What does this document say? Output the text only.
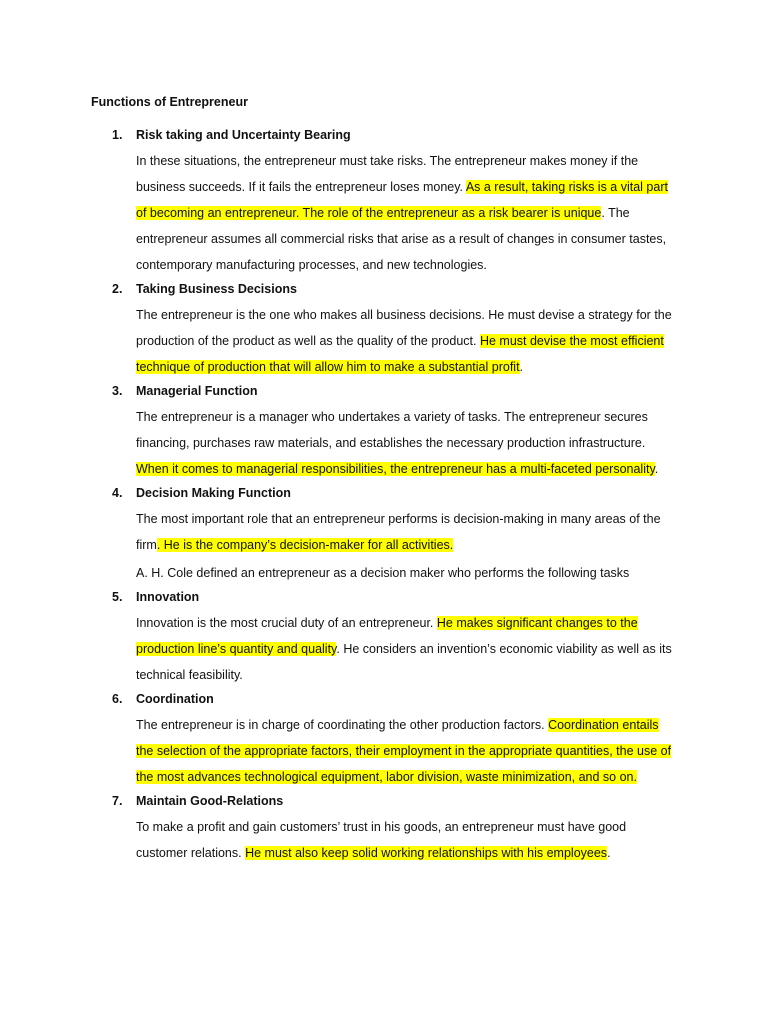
Functions of Entrepreneur
1. Risk taking and Uncertainty Bearing

In these situations, the entrepreneur must take risks. The entrepreneur makes money if the business succeeds. If it fails the entrepreneur loses money. As a result, taking risks is a vital part of becoming an entrepreneur. The role of the entrepreneur as a risk bearer is unique. The entrepreneur assumes all commercial risks that arise as a result of changes in consumer tastes, contemporary manufacturing processes, and new technologies.

2. Taking Business Decisions

The entrepreneur is the one who makes all business decisions. He must devise a strategy for the production of the product as well as the quality of the product. He must devise the most efficient technique of production that will allow him to make a substantial profit.

3. Managerial Function

The entrepreneur is a manager who undertakes a variety of tasks. The entrepreneur secures financing, purchases raw materials, and establishes the necessary production infrastructure. When it comes to managerial responsibilities, the entrepreneur has a multi-faceted personality.

4. Decision Making Function

The most important role that an entrepreneur performs is decision-making in many areas of the firm. He is the company’s decision-maker for all activities.

A. H. Cole defined an entrepreneur as a decision maker who performs the following tasks

5. Innovation

Innovation is the most crucial duty of an entrepreneur. He makes significant changes to the production line’s quantity and quality. He considers an invention’s economic viability as well as its technical feasibility.

6. Coordination

The entrepreneur is in charge of coordinating the other production factors. Coordination entails the selection of the appropriate factors, their employment in the appropriate quantities, the use of the most advances technological equipment, labor division, waste minimization, and so on.

7. Maintain Good-Relations

To make a profit and gain customers’ trust in his goods, an entrepreneur must have good customer relations. He must also keep solid working relationships with his employees.
